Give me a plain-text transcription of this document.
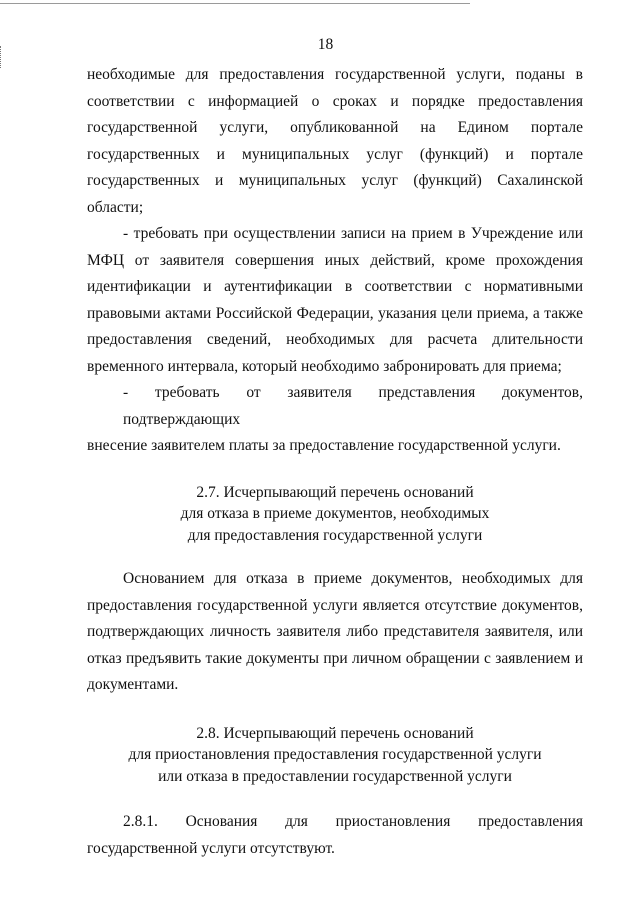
18

необходимые для предоставления государственной услуги, поданы в
соответствии с информацией о сроках и порядке предоставления
государственной услуги, опубликованной на Едином портале
государственных и муниципальных услуг (функций) и портале
государственных и муниципальных услуг (функций) Сахалинской области;

- требовать при осуществлении записи на прием в Учреждение или
МФЦ от заявителя совершения иных действий, кроме прохождения
идентификации и аутентификации в соответствии с нормативными
правовыми актами Российской Федерации, указания цели приема, а также
предоставления сведений, необходимых для расчета длительности
временного интервала, который необходимо забронировать для приема;

- требовать от заявителя представления документов, подтверждающих
внесение заявителем платы за предоставление государственной услуги.

2.7. Исчерпывающий перечень оснований
для отказа в приеме документов, необходимых
для предоставления государственной услуги

Основанием для отказа в приеме документов, необходимых для
предоставления государственной услуги является отсутствие документов,
подтверждающих личность заявителя либо представителя заявителя, или
отказ предъявить такие документы при личном обращении с заявлением и
документами.

2.8. Исчерпывающий перечень оснований
для приостановления предоставления государственной услуги
или отказа в предоставлении государственной услуги

2.8.1. Основания для приостановления предоставления
государственной услуги отсутствуют.
